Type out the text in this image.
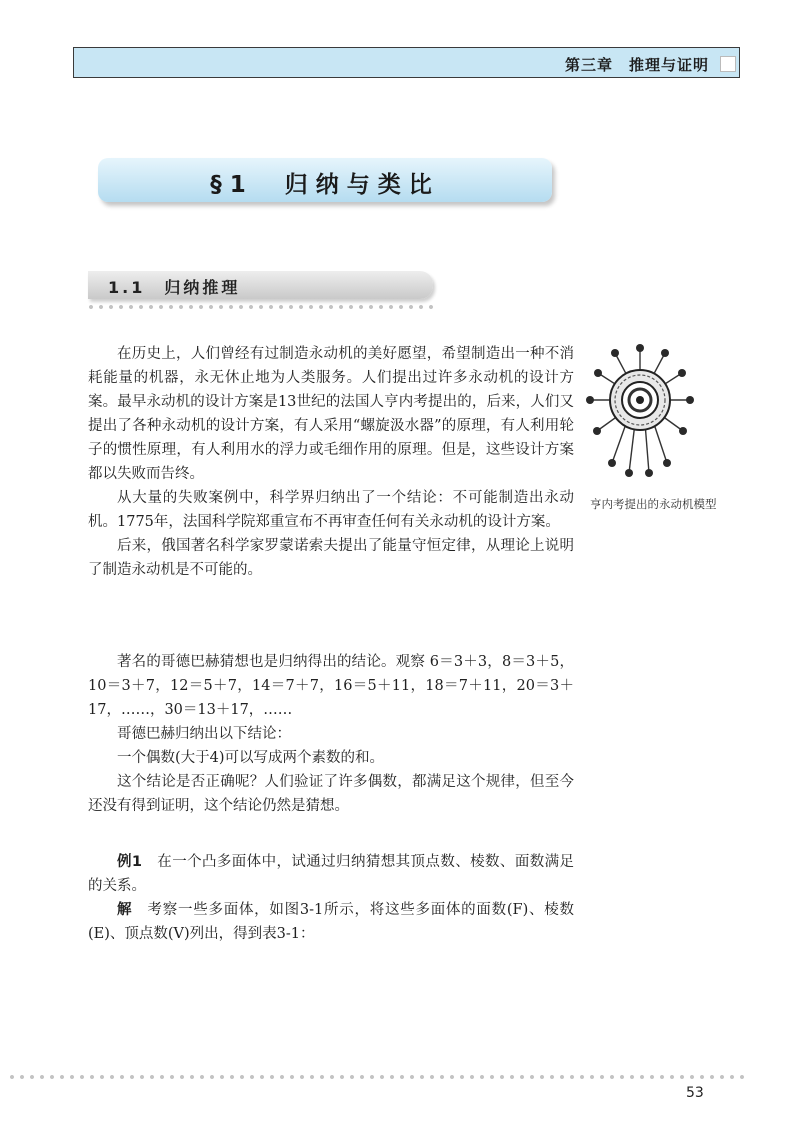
第三章　推理与证明
§1　归纳与类比
1.1　归纳推理

在历史上，人们曾经有过制造永动机的美好愿望，希望制造出一种不消耗能量的机器，永无休止地为人类服务。人们提出过许多永动机的设计方案。最早永动机的设计方案是13世纪的法国人亨内考提出的，后来，人们又提出了各种永动机的设计方案，有人采用“螺旋汲水器”的原理，有人利用轮子的惯性原理，有人利用水的浮力或毛细作用的原理。但是，这些设计方案都以失败而告终。

从大量的失败案例中，科学界归纳出了一个结论：不可能制造出永动机。1775年，法国科学院郑重宣布不再审查任何有关永动机的设计方案。

后来，俄国著名科学家罗蒙诺索夫提出了能量守恒定律，从理论上说明了制造永动机是不可能的。

著名的哥德巴赫猜想也是归纳得出的结论。观察 6＝3＋3，8＝3＋5，10＝3＋7，12＝5＋7，14＝7＋7，16＝5＋11，18＝7＋11，20＝3＋17，……，30＝13＋17，……

哥德巴赫归纳出以下结论：

一个偶数(大于4)可以写成两个素数的和。

这个结论是否正确呢？人们验证了许多偶数，都满足这个规律，但至今还没有得到证明，这个结论仍然是猜想。

例1　在一个凸多面体中，试通过归纳猜想其顶点数、棱数、面数满足的关系。

解　考察一些多面体，如图3-1所示，将这些多面体的面数(F)、棱数(E)、顶点数(V)列出，得到表3-1：

亨内考提出的永动机模型
53
